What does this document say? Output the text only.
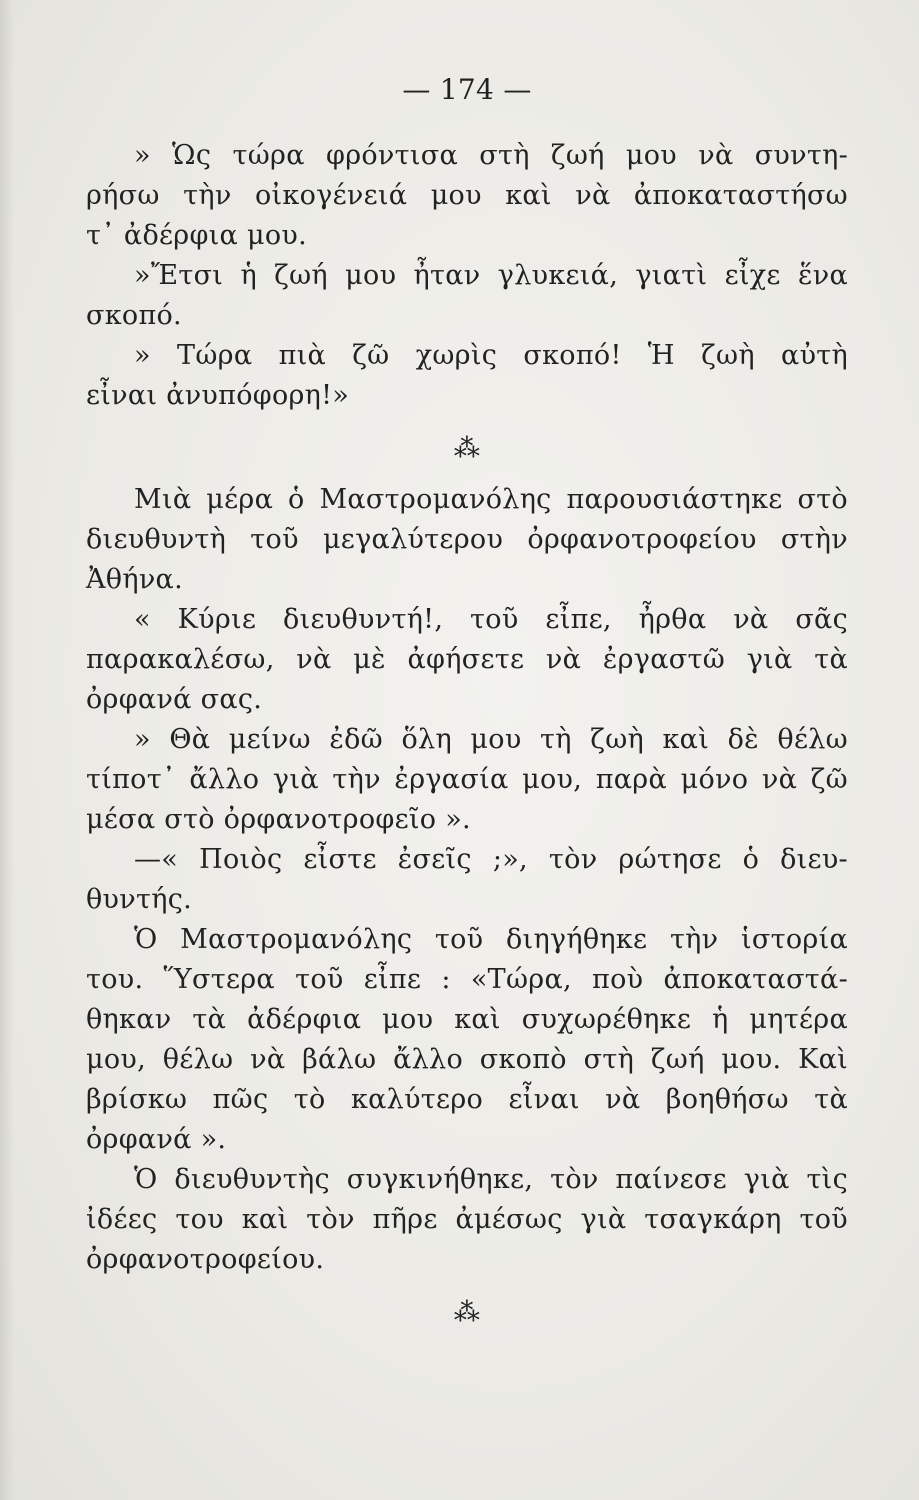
— 174 —
» Ὡς τώρα φρόντισα στὴ ζωή μου νὰ συντη-
ρήσω τὴν οἰκογένειά μου καὶ νὰ ἀποκαταστήσω
τ᾽ ἀδέρφια μου.
»Ἔτσι ἡ ζωή μου ἦταν γλυκειά, γιατὶ εἶχε ἕνα
σκοπό.
» Τώρα πιὰ ζῶ χωρὶς σκοπό! Ἡ ζωὴ αὐτὴ
εἶναι ἀνυπόφορη!»
⁂
Μιὰ μέρα ὁ Μαστρομανόλης παρουσιάστηκε στὸ
διευθυντὴ τοῦ μεγαλύτερου ὀρφανοτροφείου στὴν
Ἀθήνα.
« Κύριε διευθυντή!, τοῦ εἶπε, ἦρθα νὰ σᾶς
παρακαλέσω, νὰ μὲ ἀφήσετε νὰ ἐργαστῶ γιὰ τὰ
ὀρφανά σας.
» Θὰ μείνω ἐδῶ ὅλη μου τὴ ζωὴ καὶ δὲ θέλω
τίποτ᾽ ἄλλο γιὰ τὴν ἐργασία μου, παρὰ μόνο νὰ ζῶ
μέσα στὸ ὀρφανοτροφεῖο ».
—« Ποιὸς εἶστε ἐσεῖς ;», τὸν ρώτησε ὁ διευ-
θυντής.
Ὁ Μαστρομανόλης τοῦ διηγήθηκε τὴν ἱστορία
του. Ὕστερα τοῦ εἶπε : «Τώρα, ποὺ ἀποκαταστά-
θηκαν τὰ ἀδέρφια μου καὶ συχωρέθηκε ἡ μητέρα
μου, θέλω νὰ βάλω ἄλλο σκοπὸ στὴ ζωή μου. Καὶ
βρίσκω πῶς τὸ καλύτερο εἶναι νὰ βοηθήσω τὰ
ὀρφανά ».
Ὁ διευθυντὴς συγκινήθηκε, τὸν παίνεσε γιὰ τὶς
ἰδέες του καὶ τὸν πῆρε ἀμέσως γιὰ τσαγκάρη τοῦ
ὀρφανοτροφείου.
⁂
